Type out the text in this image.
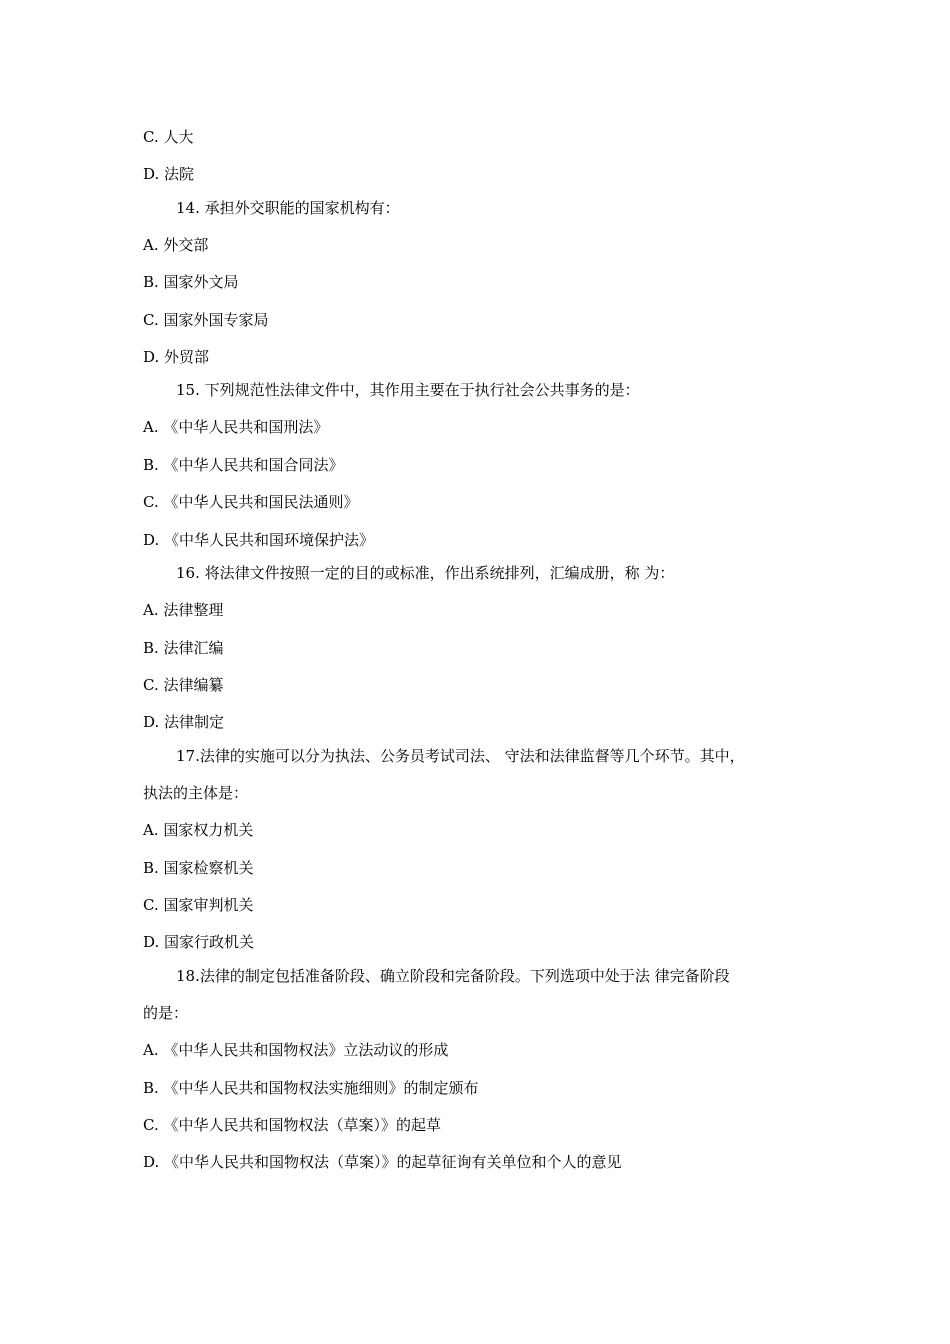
C. 人大
D. 法院
14. 承担外交职能的国家机构有：
A. 外交部
B. 国家外文局
C. 国家外国专家局
D. 外贸部
15. 下列规范性法律文件中，其作用主要在于执行社会公共事务的是：
A. 《中华人民共和国刑法》
B. 《中华人民共和国合同法》
C. 《中华人民共和国民法通则》
D. 《中华人民共和国环境保护法》
16. 将法律文件按照一定的目的或标准，作出系统排列，汇编成册，称 为：
A. 法律整理
B. 法律汇编
C. 法律编纂
D. 法律制定
17.法律的实施可以分为执法、公务员考试司法、 守法和法律监督等几个环节。其中，
执法的主体是：
A. 国家权力机关
B. 国家检察机关
C. 国家审判机关
D. 国家行政机关
18.法律的制定包括准备阶段、确立阶段和完备阶段。下列选项中处于法 律完备阶段
的是：
A. 《中华人民共和国物权法》立法动议的形成
B. 《中华人民共和国物权法实施细则》的制定颁布
C. 《中华人民共和国物权法（草案）》的起草
D. 《中华人民共和国物权法（草案）》的起草征询有关单位和个人的意见
